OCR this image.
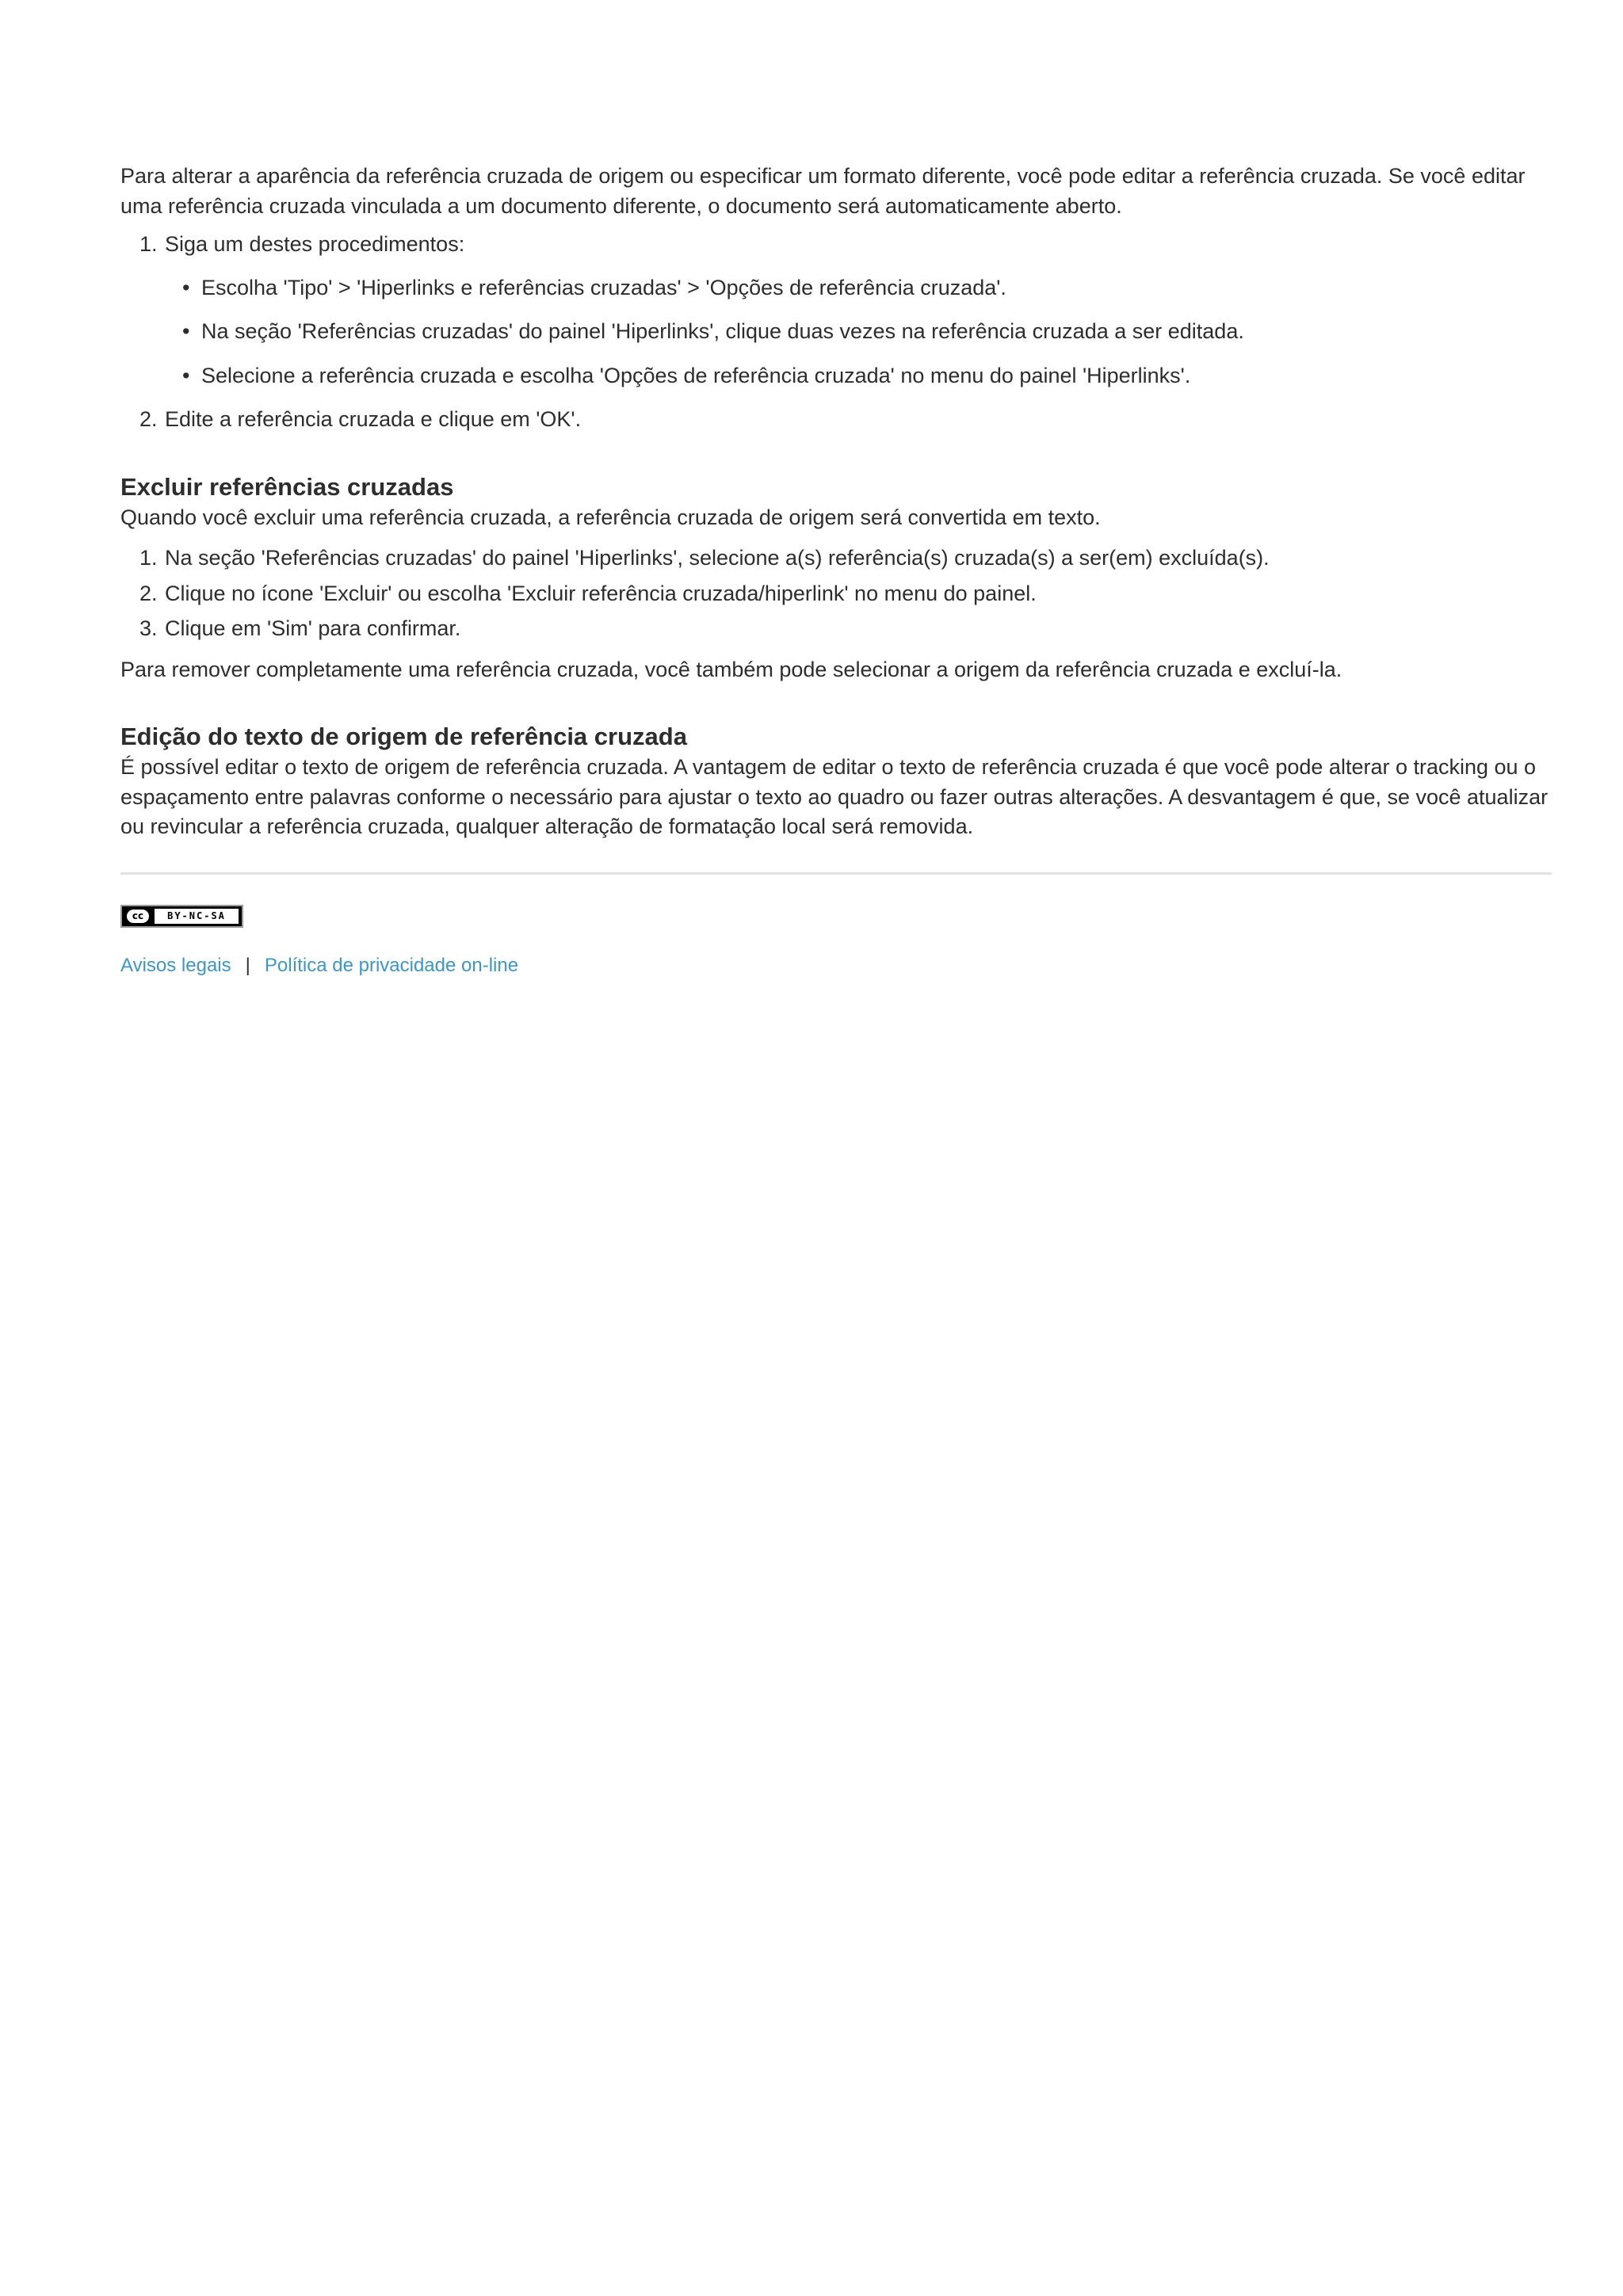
Para alterar a aparência da referência cruzada de origem ou especificar um formato diferente, você pode editar a referência cruzada. Se você editar uma referência cruzada vinculada a um documento diferente, o documento será automaticamente aberto.

1. Siga um destes procedimentos:
• Escolha 'Tipo' > 'Hiperlinks e referências cruzadas' > 'Opções de referência cruzada'.
• Na seção 'Referências cruzadas' do painel 'Hiperlinks', clique duas vezes na referência cruzada a ser editada.
• Selecione a referência cruzada e escolha 'Opções de referência cruzada' no menu do painel 'Hiperlinks'.
2. Edite a referência cruzada e clique em 'OK'.
Excluir referências cruzadas

Quando você excluir uma referência cruzada, a referência cruzada de origem será convertida em texto.

1. Na seção 'Referências cruzadas' do painel 'Hiperlinks', selecione a(s) referência(s) cruzada(s) a ser(em) excluída(s).
2. Clique no ícone 'Excluir' ou escolha 'Excluir referência cruzada/hiperlink' no menu do painel.
3. Clique em 'Sim' para confirmar.

Para remover completamente uma referência cruzada, você também pode selecionar a origem da referência cruzada e excluí-la.

Edição do texto de origem de referência cruzada

É possível editar o texto de origem de referência cruzada. A vantagem de editar o texto de referência cruzada é que você pode alterar o tracking ou o espaçamento entre palavras conforme o necessário para ajustar o texto ao quadro ou fazer outras alterações. A desvantagem é que, se você atualizar ou revincular a referência cruzada, qualquer alteração de formatação local será removida.

cc	BY-NC-SA
Avisos legais | Política de privacidade on-line
